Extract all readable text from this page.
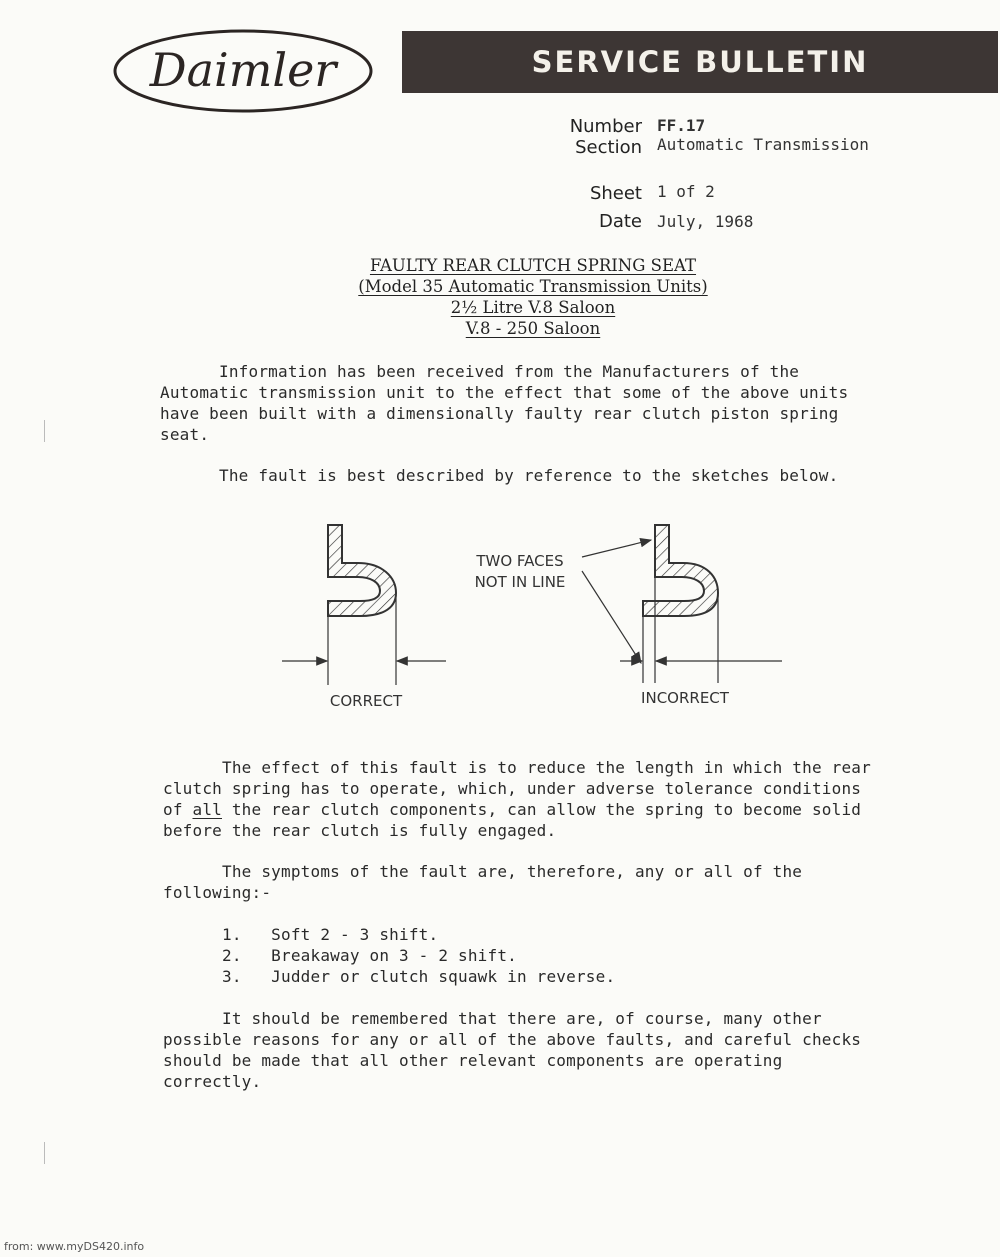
Daimler	SERVICE BULLETIN
Number FF.17
Section Automatic Transmission
Sheet 1 of 2
Date July, 1968
FAULTY REAR CLUTCH SPRING SEAT
(Model 35 Automatic Transmission Units)
2½ Litre V.8 Saloon
V.8 - 250 Saloon

Information has been received from the Manufacturers of the

Automatic transmission unit to the effect that some of the above units

have been built with a dimensionally faulty rear clutch piston spring

seat.

The fault is best described by reference to the sketches below.

CORRECT	INCORRECT
TWO FACES
NOT IN LINE

The effect of this fault is to reduce the length in which the rear

clutch spring has to operate, which, under adverse tolerance conditions

of all the rear clutch components, can allow the spring to become solid

before the rear clutch is fully engaged.

The symptoms of the fault are, therefore, any or all of the

following:-

1.   Soft 2 - 3 shift.

2.   Breakaway on 3 - 2 shift.

3.   Judder or clutch squawk in reverse.

It should be remembered that there are, of course, many other

possible reasons for any or all of the above faults, and careful checks

should be made that all other relevant components are operating

correctly.

from: www.myDS420.info
